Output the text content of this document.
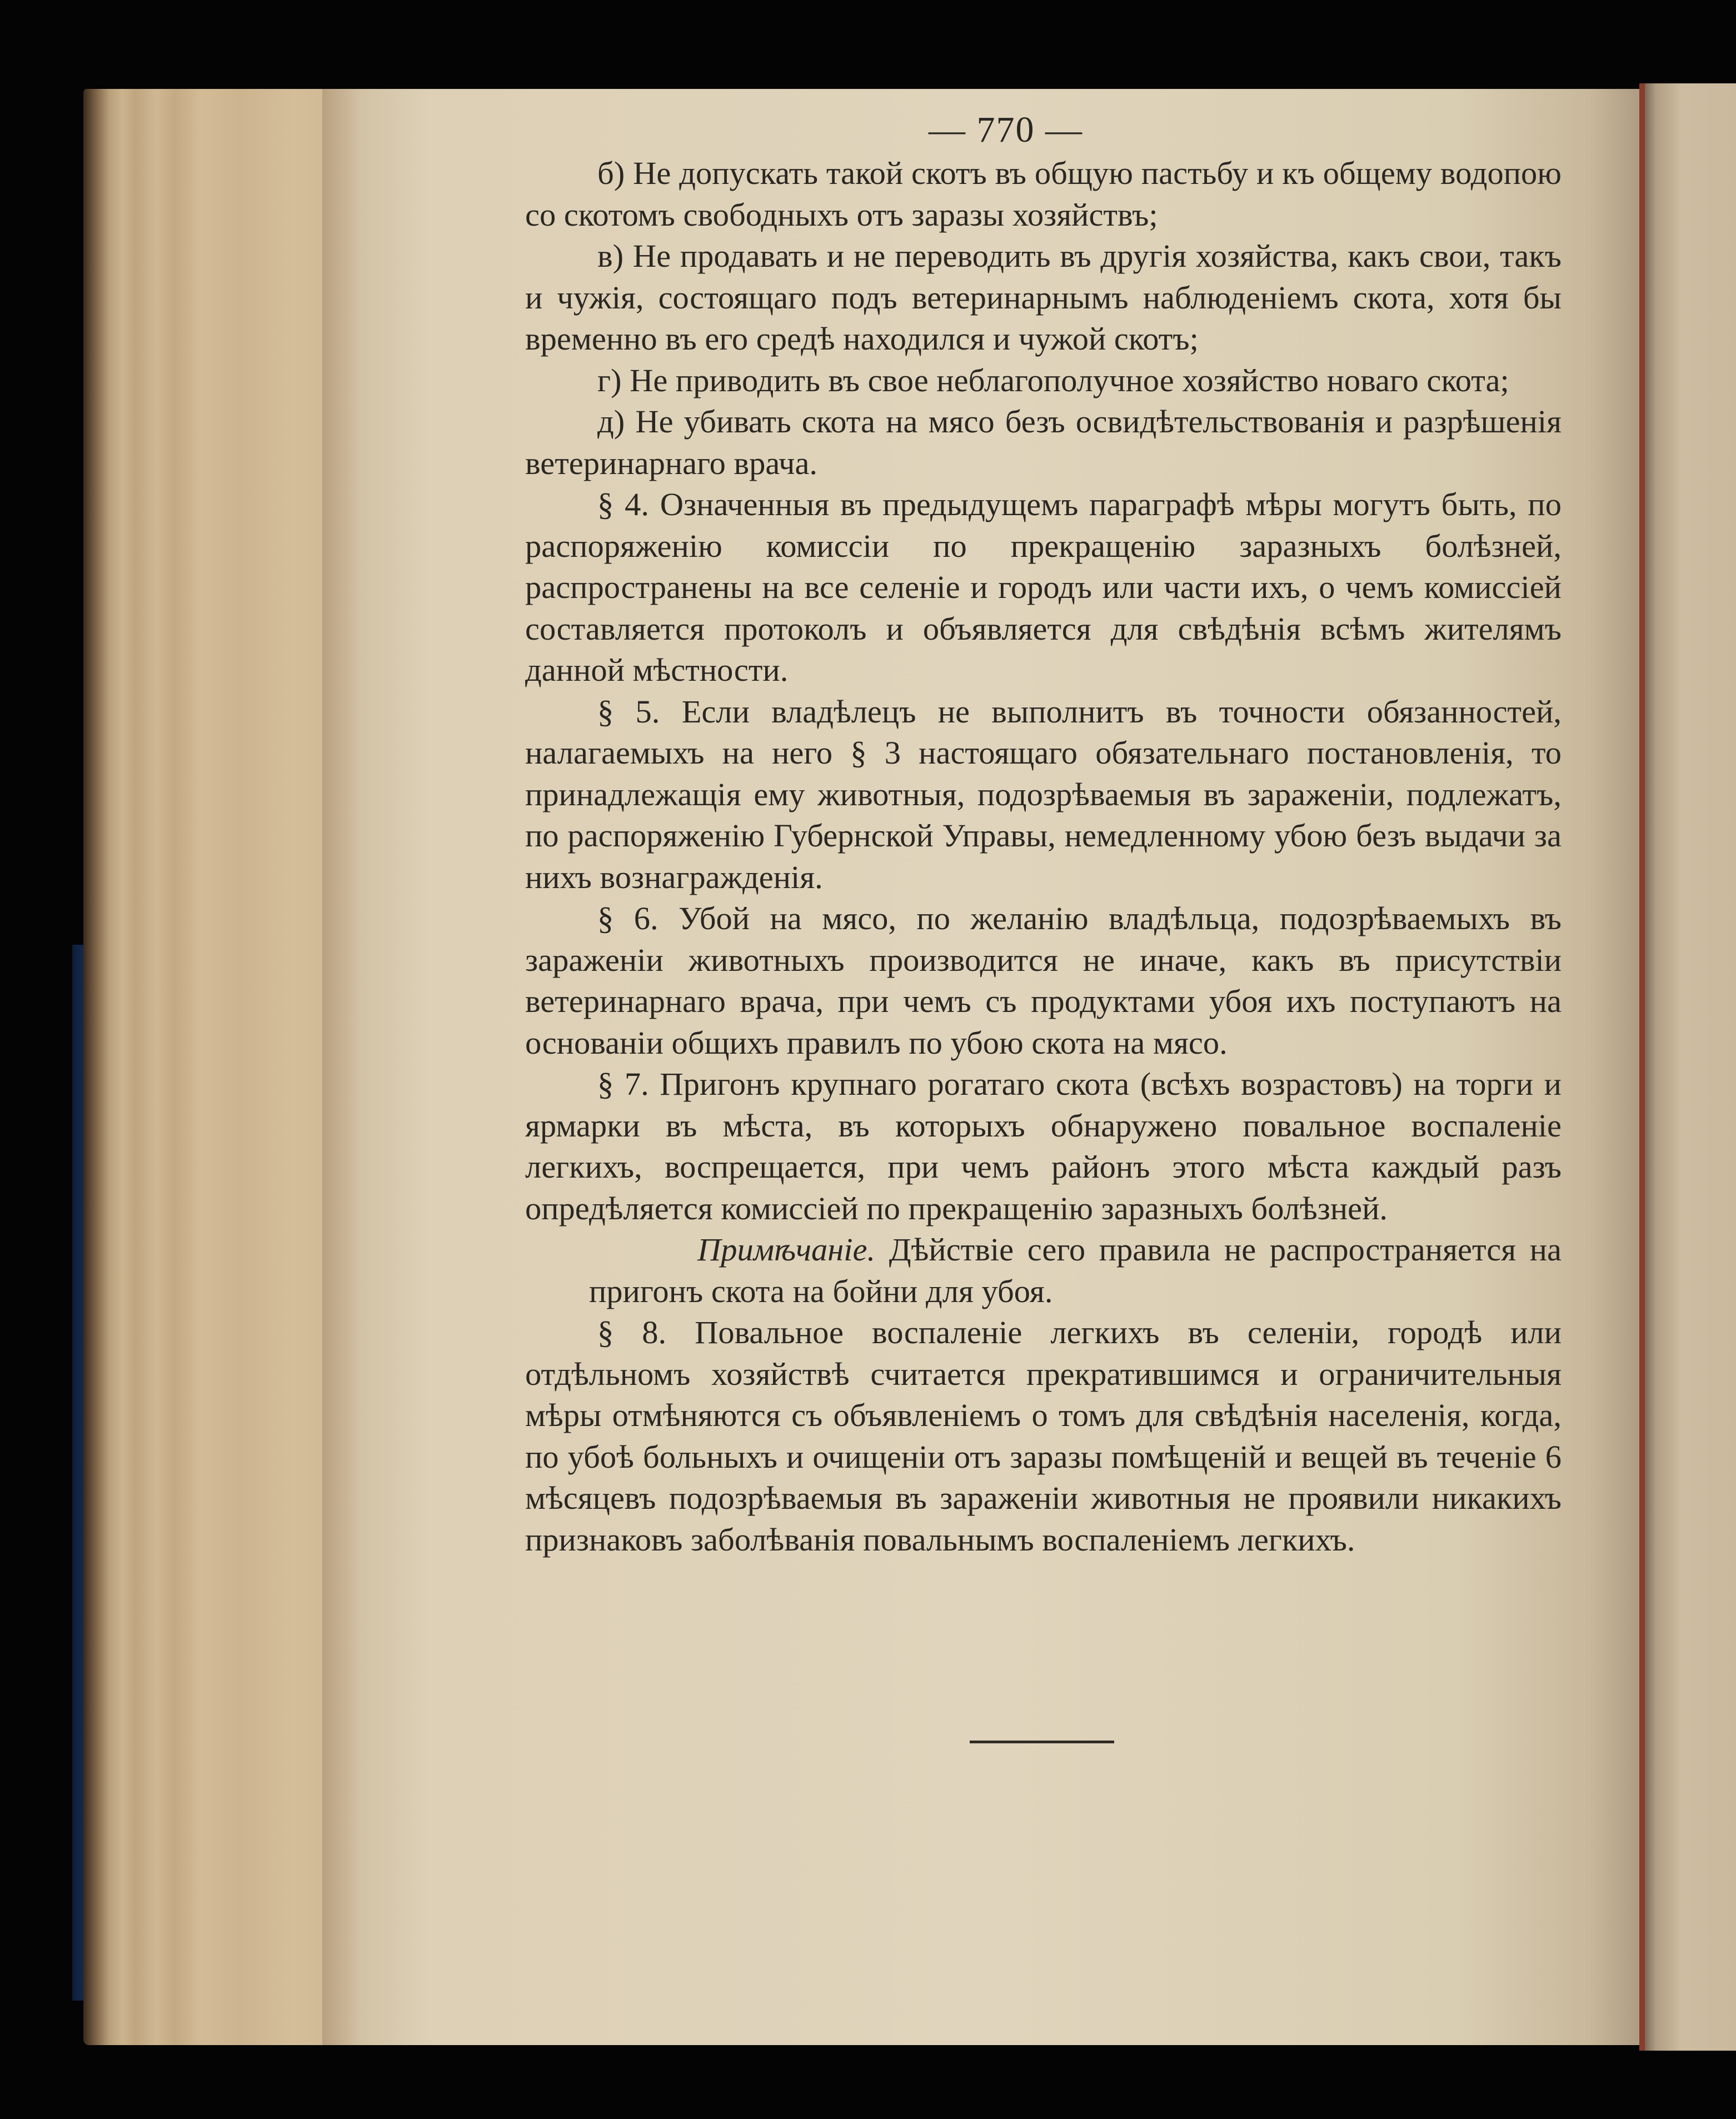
— 770 —

б) Не допускать такой скотъ въ общую пастьбу и къ общему водопою со скотомъ свободныхъ отъ заразы хозяйствъ;

в) Не продавать и не переводить въ другія хозяйства, какъ свои, такъ и чужія, состоящаго подъ ветеринарнымъ наблюденіемъ скота, хотя бы временно въ его средѣ находился и чужой скотъ;

г) Не приводить въ свое неблагополучное хозяйство новаго скота;

д) Не убивать скота на мясо безъ освидѣтельствованія и разрѣшенія ветеринарнаго врача.

§ 4. Означенныя въ предыдущемъ параграфѣ мѣры могутъ быть, по распоряженію комиссіи по прекращенію заразныхъ болѣзней, распространены на все селеніе и городъ или части ихъ, о чемъ комиссіей составляется протоколъ и объявляется для свѣдѣнія всѣмъ жителямъ данной мѣстности.

§ 5. Если владѣлецъ не выполнитъ въ точности обязанностей, налагаемыхъ на него § 3 настоящаго обязательнаго постановленія, то принадлежащія ему животныя, подозрѣваемыя въ зараженіи, подлежатъ, по распоряженію Губернской Управы, немедленному убою безъ выдачи за нихъ вознагражденія.

§ 6. Убой на мясо, по желанію владѣльца, подозрѣваемыхъ въ зараженіи животныхъ производится не иначе, какъ въ присутствіи ветеринарнаго врача, при чемъ съ продуктами убоя ихъ поступаютъ на основаніи общихъ правилъ по убою скота на мясо.

§ 7. Пригонъ крупнаго рогатаго скота (всѣхъ возрастовъ) на торги и ярмарки въ мѣста, въ которыхъ обнаружено повальное воспаленіе легкихъ, воспрещается, при чемъ районъ этого мѣста каждый разъ опредѣляется комиссіей по прекращенію заразныхъ болѣзней.

Примѣчаніе. Дѣйствіе сего правила не распространяется на пригонъ скота на бойни для убоя.

§ 8. Повальное воспаленіе легкихъ въ селеніи, городѣ или отдѣльномъ хозяйствѣ считается прекратившимся и ограничительныя мѣры отмѣняются съ объявленіемъ о томъ для свѣдѣнія населенія, когда, по убоѣ больныхъ и очищеніи отъ заразы помѣщеній и вещей въ теченіе 6 мѣсяцевъ подозрѣваемыя въ зараженіи животныя не проявили никакихъ признаковъ заболѣванія повальнымъ воспаленіемъ легкихъ.
